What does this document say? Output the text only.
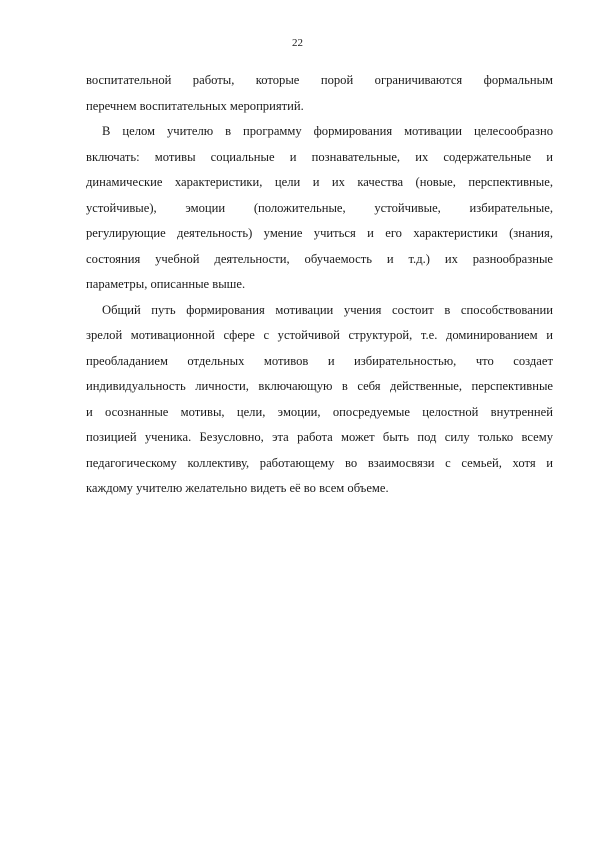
22
воспитательной работы, которые порой ограничиваются формальным
перечнем воспитательных мероприятий.
В целом учителю в программу формирования мотивации целесообразно
включать: мотивы социальные и познавательные, их содержательные и
динамические характеристики, цели и их качества (новые, перспективные,
устойчивые), эмоции (положительные, устойчивые, избирательные,
регулирующие деятельность) умение учиться и его характеристики (знания,
состояния учебной деятельности, обучаемость и т.д.) их разнообразные
параметры, описанные выше.
Общий путь формирования мотивации учения состоит в способствовании
зрелой мотивационной сфере с устойчивой структурой, т.е. доминированием и
преобладанием отдельных мотивов и избирательностью, что создает
индивидуальность личности, включающую в себя действенные, перспективные
и осознанные мотивы, цели, эмоции, опосредуемые целостной внутренней
позицией ученика. Безусловно, эта работа может быть под силу только всему
педагогическому коллективу, работающему во взаимосвязи с семьей, хотя и
каждому учителю желательно видеть её во всем объеме.
